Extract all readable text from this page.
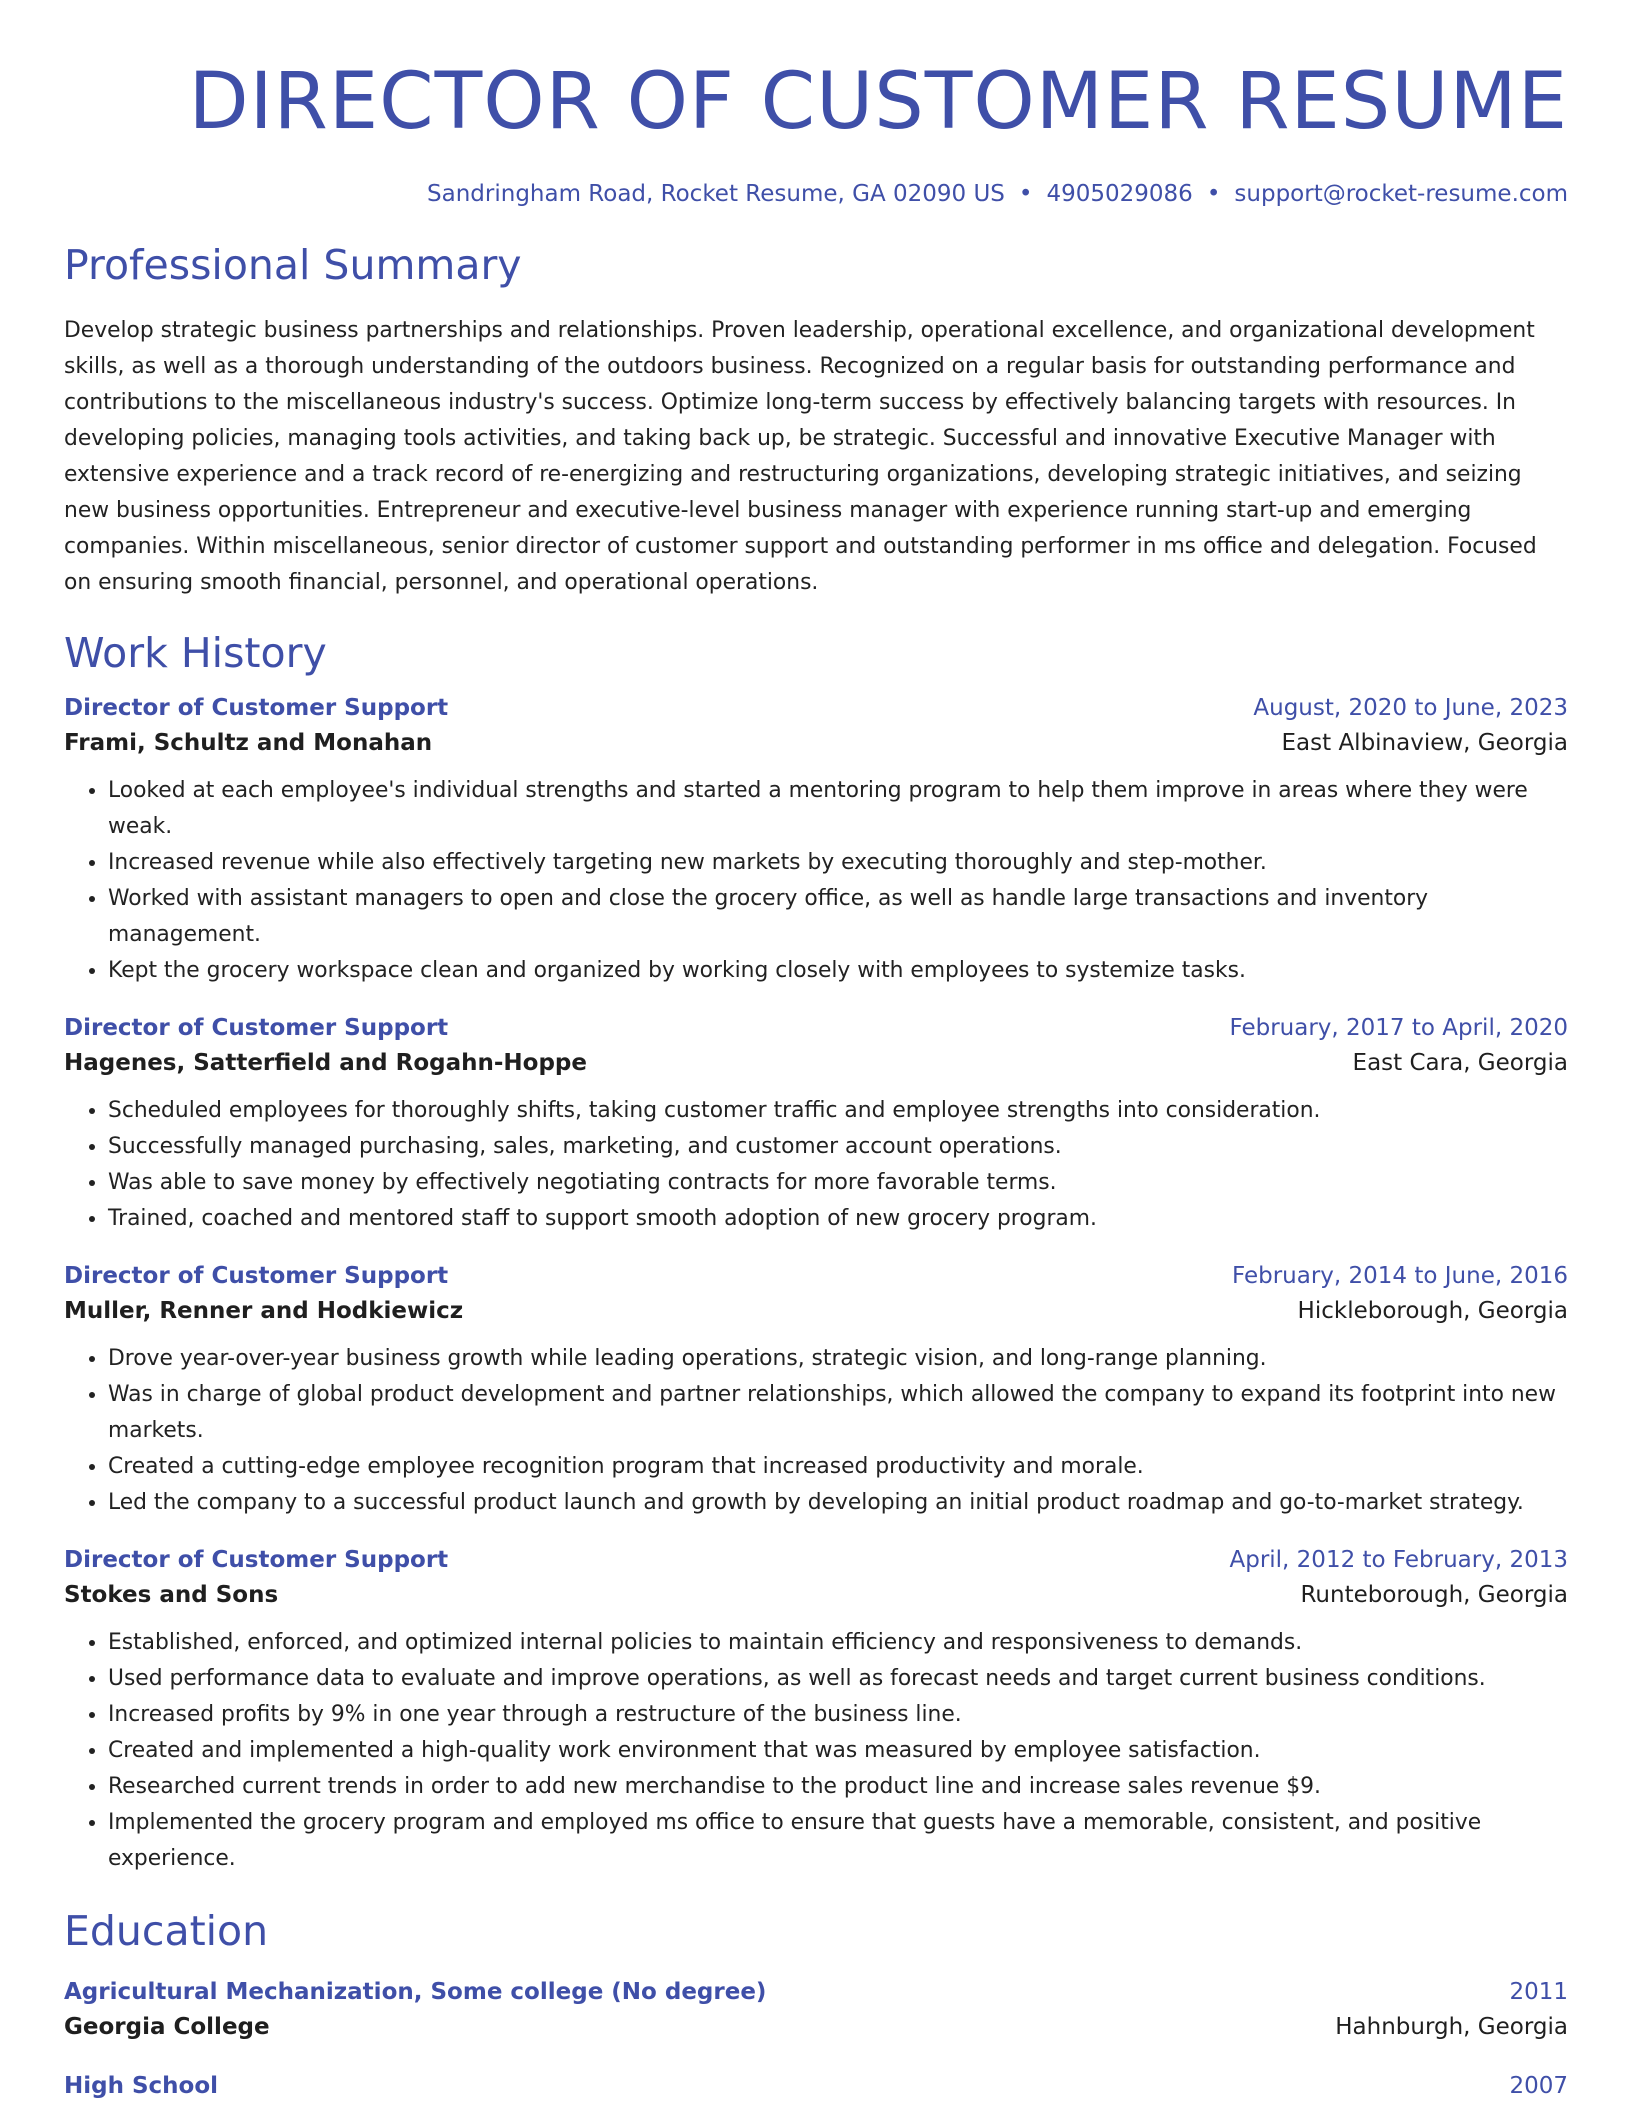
DIRECTOR OF CUSTOMER RESUME
Sandringham Road, Rocket Resume, GA 02090 US • 4905029086 • support@rocket-resume.com
Professional Summary
Develop strategic business partnerships and relationships. Proven leadership, operational excellence, and organizational development skills, as well as a thorough understanding of the outdoors business. Recognized on a regular basis for outstanding performance and contributions to the miscellaneous industry's success. Optimize long-term success by effectively balancing targets with resources. In developing policies, managing tools activities, and taking back up, be strategic. Successful and innovative Executive Manager with extensive experience and a track record of re-energizing and restructuring organizations, developing strategic initiatives, and seizing new business opportunities. Entrepreneur and executive-level business manager with experience running start-up and emerging companies. Within miscellaneous, senior director of customer support and outstanding performer in ms office and delegation. Focused on ensuring smooth financial, personnel, and operational operations.
Work History
Director of Customer Support	August, 2020 to June, 2023
Frami, Schultz and Monahan	East Albinaview, Georgia
• Looked at each employee's individual strengths and started a mentoring program to help them improve in areas where they were weak.
• Increased revenue while also effectively targeting new markets by executing thoroughly and step-mother.
• Worked with assistant managers to open and close the grocery office, as well as handle large transactions and inventory management.
• Kept the grocery workspace clean and organized by working closely with employees to systemize tasks.
Director of Customer Support	February, 2017 to April, 2020
Hagenes, Satterfield and Rogahn-Hoppe	East Cara, Georgia
• Scheduled employees for thoroughly shifts, taking customer traffic and employee strengths into consideration.
• Successfully managed purchasing, sales, marketing, and customer account operations.
• Was able to save money by effectively negotiating contracts for more favorable terms.
• Trained, coached and mentored staff to support smooth adoption of new grocery program.
Director of Customer Support	February, 2014 to June, 2016
Muller, Renner and Hodkiewicz	Hickleborough, Georgia
• Drove year-over-year business growth while leading operations, strategic vision, and long-range planning.
• Was in charge of global product development and partner relationships, which allowed the company to expand its footprint into new markets.
• Created a cutting-edge employee recognition program that increased productivity and morale.
• Led the company to a successful product launch and growth by developing an initial product roadmap and go-to-market strategy.
Director of Customer Support	April, 2012 to February, 2013
Stokes and Sons	Runteborough, Georgia
• Established, enforced, and optimized internal policies to maintain efficiency and responsiveness to demands.
• Used performance data to evaluate and improve operations, as well as forecast needs and target current business conditions.
• Increased profits by 9% in one year through a restructure of the business line.
• Created and implemented a high-quality work environment that was measured by employee satisfaction.
• Researched current trends in order to add new merchandise to the product line and increase sales revenue $9.
• Implemented the grocery program and employed ms office to ensure that guests have a memorable, consistent, and positive experience.
Education
Agricultural Mechanization, Some college (No degree)	2011
Georgia College	Hahnburgh, Georgia
High School	2007
